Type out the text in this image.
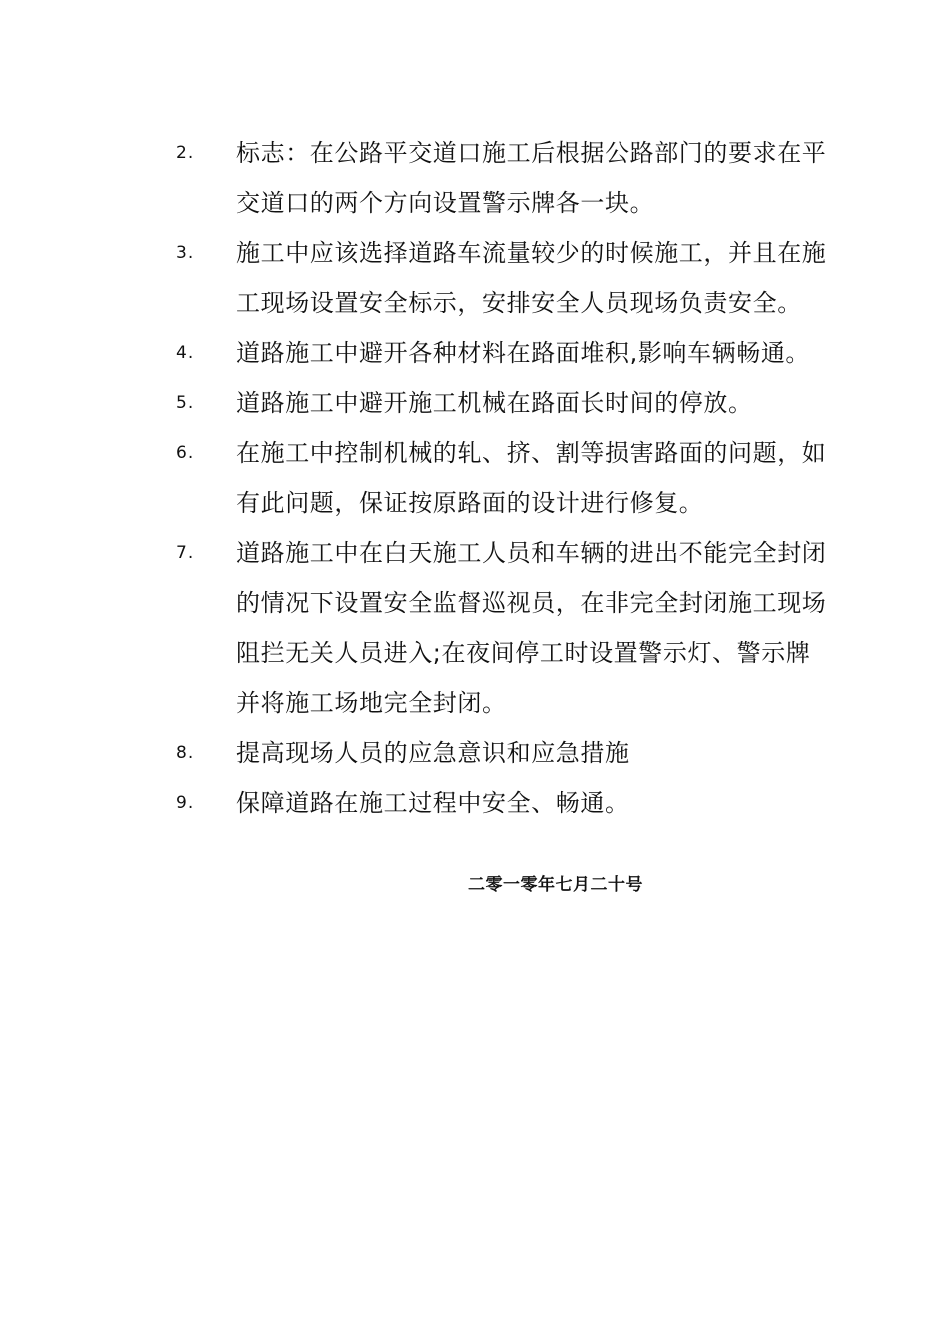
2.	标志：在公路平交道口施工后根据公路部门的要求在平交道口的两个方向设置警示牌各一块。
3.	施工中应该选择道路车流量较少的时候施工，并且在施工现场设置安全标示，安排安全人员现场负责安全。
4.	道路施工中避开各种材料在路面堆积,影响车辆畅通。
5.	道路施工中避开施工机械在路面长时间的停放。
6.	在施工中控制机械的轧、挤、割等损害路面的问题，如有此问题，保证按原路面的设计进行修复。
7.	道路施工中在白天施工人员和车辆的进出不能完全封闭的情况下设置安全监督巡视员，在非完全封闭施工现场阻拦无关人员进入;在夜间停工时设置警示灯、警示牌并将施工场地完全封闭。
8.	提高现场人员的应急意识和应急措施
9.	保障道路在施工过程中安全、畅通。
二零一零年七月二十号
